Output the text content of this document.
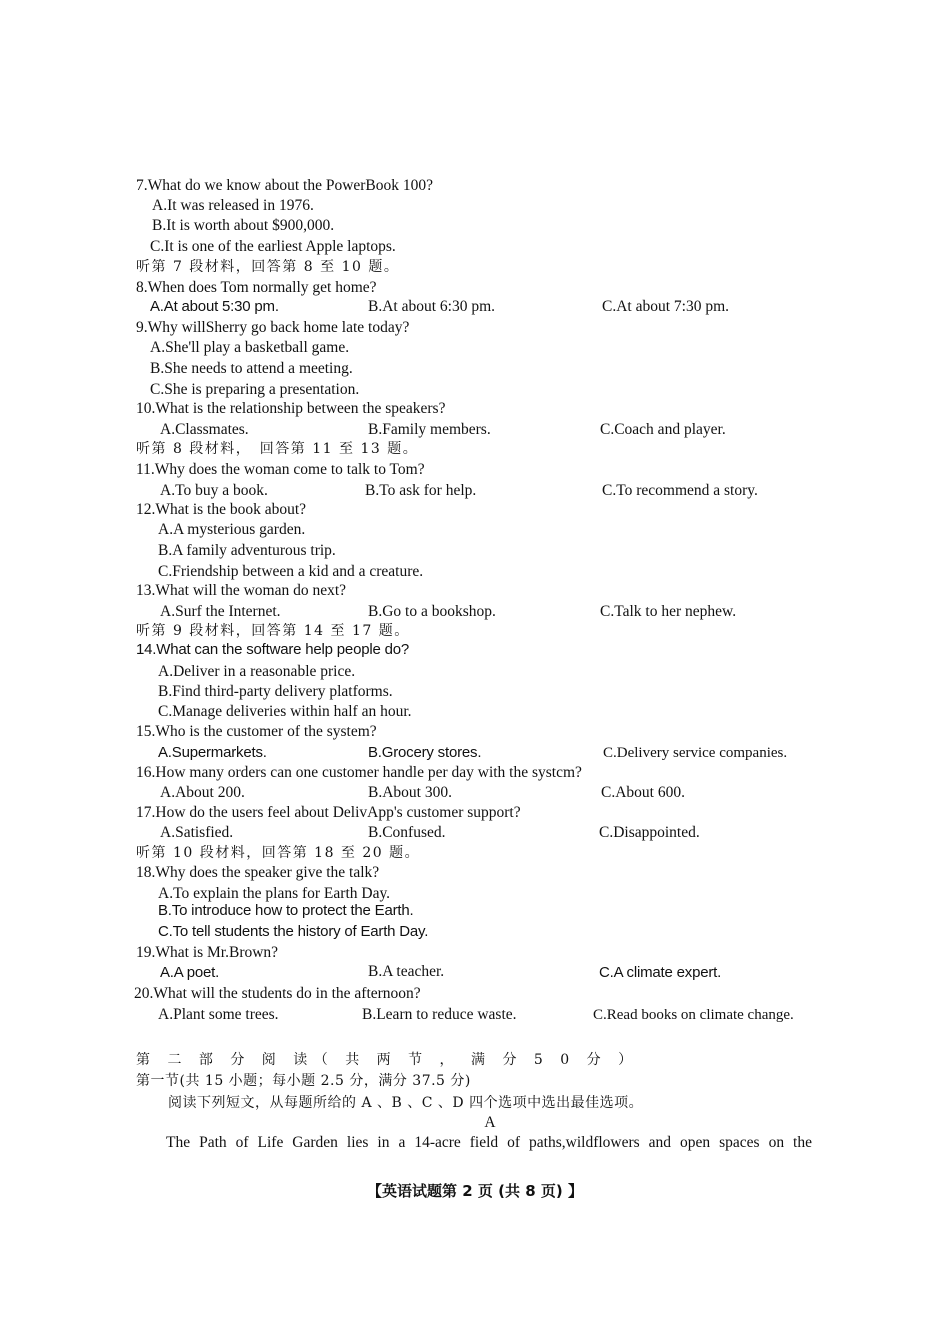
7.What do we know about the PowerBook 100?
A.It was released in 1976.
B.It is worth about $900,000.
C.It is one of the earliest Apple laptops.
听第 7 段材料，回答第 8 至 10 题。
8.When does Tom normally get home?
A.At about 5:30 pm.	B.At about 6:30 pm.	C.At about 7:30 pm.
9.Why willSherry go back home late today?
A.She'll play a basketball game.
B.She needs to attend a meeting.
C.She is preparing a presentation.
10.What is the relationship between the speakers?
A.Classmates.	B.Family members.	C.Coach and player.
听第 8 段材料，　回答第 11 至 13 题。
11.Why does the woman come to talk to Tom?
A.To buy a book.	B.To ask for help.	C.To recommend a story.
12.What is the book about?
A.A mysterious garden.
B.A family adventurous trip.
C.Friendship between a kid and a creature.
13.What will the woman do next?
A.Surf the Internet.	B.Go to a bookshop.	C.Talk to her nephew.
听第 9 段材料，回答第 14 至 17 题。
14.What can the software help people do?
A.Deliver in a reasonable price.
B.Find third-party delivery platforms.
C.Manage deliveries within half an hour.
15.Who is the customer of the system?
A.Supermarkets.	B.Grocery stores.	C.Delivery service companies.
16.How many orders can one customer handle per day with the systcm?
A.About 200.	B.About 300.	C.About 600.
17.How do the users feel about DelivApp's customer support?
A.Satisfied.	B.Confused.	C.Disappointed.
听第 10 段材料，回答第 18 至 20 题。
18.Why does the speaker give the talk?
A.To explain the plans for Earth Day.
B.To introduce how to protect the Earth.
C.To tell students the history of Earth Day.
19.What is Mr.Brown?
A.A poet.	B.A teacher.	C.A climate expert.
20.What will the students do in the afternoon?
A.Plant some trees.	B.Learn to reduce waste.	C.Read books on climate change.
第 二 部 分 阅 读（ 共 两 节 ， 满 分 5 0 分 ）
第一节(共 15 小题；每小题 2.5 分，满分 37.5 分)
阅读下列短文，从每题所给的 A 、B 、C 、D 四个选项中选出最佳选项。
A
The Path of Life Garden lies in a 14-acre field of paths,wildflowers and open spaces on the
【英语试题第 2 页 (共 8 页) 】
